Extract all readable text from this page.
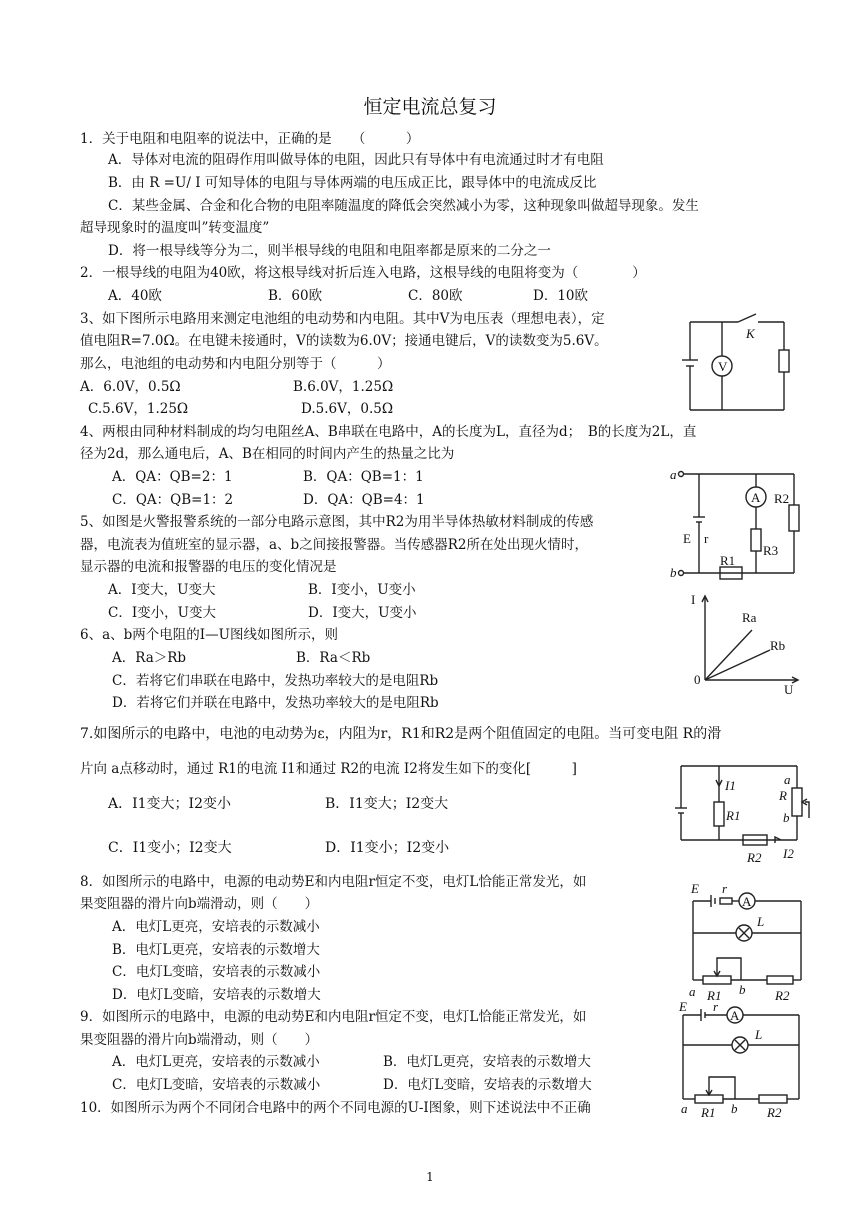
恒定电流总复习
1．关于电阻和电阻率的说法中，正确的是　　（　　　）
A．导体对电流的阻碍作用叫做导体的电阻，因此只有导体中有电流通过时才有电阻
B．由 R =U/ I 可知导体的电阻与导体两端的电压成正比，跟导体中的电流成反比
C．某些金属、合金和化合物的电阻率随温度的降低会突然减小为零，这种现象叫做超导现象。发生
超导现象时的温度叫”转变温度”
D．将一根导线等分为二，则半根导线的电阻和电阻率都是原来的二分之一
2．一根导线的电阻为40欧，将这根导线对折后连入电路，这根导线的电阻将变为（　　　　）
A．40欧	B．60欧	C．80欧	D．10欧
3、如下图所示电路用来测定电池组的电动势和内电阻。其中V为电压表（理想电表），定
值电阻R=7.0Ω。在电键未接通时，V的读数为6.0V；接通电键后，V的读数变为5.6V。
那么，电池组的电动势和内电阻分别等于（　　　）
A．6.0V，0.5Ω	B.6.0V，1.25Ω
C.5.6V，1.25Ω	D.5.6V，0.5Ω
4、两根由同种材料制成的均匀电阻丝A、B串联在电路中，A的长度为L，直径为d；　B的长度为2L，直
径为2d，那么通电后，A、B在相同的时间内产生的热量之比为
A．QA：QB=2：1	B．QA：QB=1：1
C．QA：QB=1：2	D．QA：QB=4：1
5、如图是火警报警系统的一部分电路示意图，其中R2为用半导体热敏材料制成的传感
器，电流表为值班室的显示器，a、b之间接报警器。当传感器R2所在处出现火情时，
显示器的电流和报警器的电压的变化情况是
A．I变大，U变大	B．I变小，U变小
C．I变小，U变大	D．I变大，U变小
6、a、b两个电阻的I—U图线如图所示，则
A．Ra＞Rb	B．Ra＜Rb
C．若将它们串联在电路中，发热功率较大的是电阻Rb
D．若将它们并联在电路中，发热功率较大的是电阻Rb
7.如图所示的电路中，电池的电动势为ε，内阻为r，R1和R2是两个阻值固定的电阻。当可变电阻 R的滑
片向 a点移动时，通过 R1的电流 I1和通过 R2的电流 I2将发生如下的变化[　　　]
A．I1变大；I2变小	B．I1变大；I2变大
C．I1变小；I2变大	D．I1变小；I2变小
8．如图所示的电路中，电源的电动势E和内电阻r恒定不变，电灯L恰能正常发光，如
果变阻器的滑片向b端滑动，则（　　）
A．电灯L更亮，安培表的示数减小
B．电灯L更亮，安培表的示数增大
C．电灯L变暗，安培表的示数减小
D．电灯L变暗，安培表的示数增大
9．如图所示的电路中，电源的电动势E和内电阻r恒定不变，电灯L恰能正常发光，如
果变阻器的滑片向b端滑动，则（　　）
A．电灯L更亮，安培表的示数减小	B．电灯L更亮，安培表的示数增大
C．电灯L变暗，安培表的示数减小	D．电灯L变暗，安培表的示数增大
10．如图所示为两个不同闭合电路中的两个不同电源的U-I图象，则下述说法中不正确
1
V
K
a
b
A
E r
R1
R2
R3
I
U
0
Ra
Rb
I1
R1
R
a
b
R2 I2
E r
A
L
a	b
R1	R2
E r
A
L
a	b
R1	R2
